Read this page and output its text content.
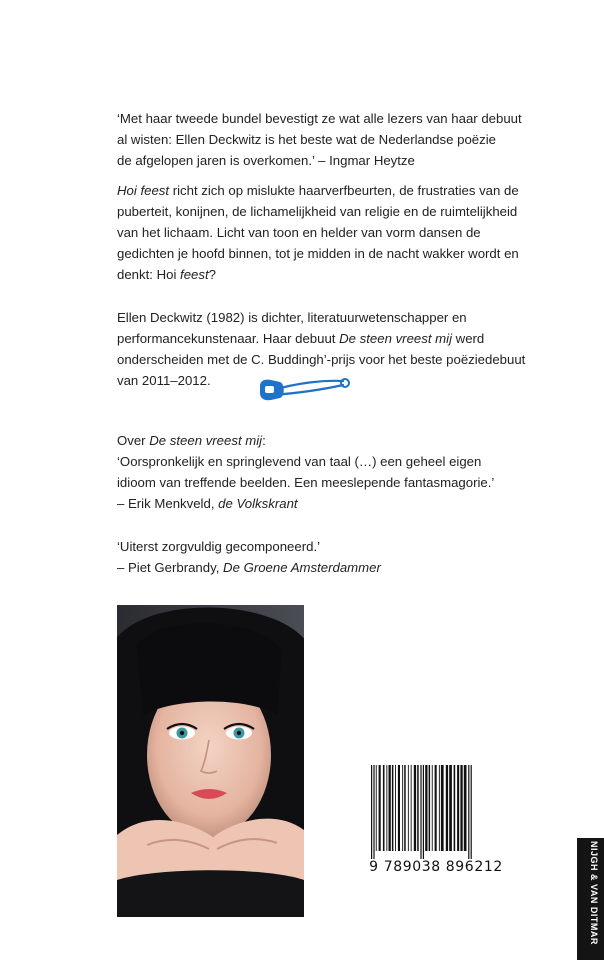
‘Met haar tweede bundel bevestigt ze wat alle lezers van haar debuut
al wisten: Ellen Deckwitz is het beste wat de Nederlandse poëzie
de afgelopen jaren is overkomen.’ – Ingmar Heytze
Hoi feest richt zich op mislukte haarverfbeurten, de frustraties van de
puberteit, konijnen, de lichamelijkheid van religie en de ruimtelijkheid
van het lichaam. Licht van toon en helder van vorm dansen de
gedichten je hoofd binnen, tot je midden in de nacht wakker wordt en
denkt: Hoi feest?
Ellen Deckwitz (1982) is dichter, literatuurwetenschapper en
performancekunstenaar. Haar debuut De steen vreest mij werd
onderscheiden met de C. Buddingh’-prijs voor het beste poëziedebuut
van 2011–2012.
Over De steen vreest mij:
‘Oorspronkelijk en springlevend van taal (…) een geheel eigen
idioom van treffende beelden. Een meeslepende fantasmagorie.’
– Erik Menkveld, de Volkskrant
‘Uiterst zorgvuldig gecomponeerd.’
– Piet Gerbrandy, De Groene Amsterdammer
9 789038 896212	NIJGH & VAN DITMAR
